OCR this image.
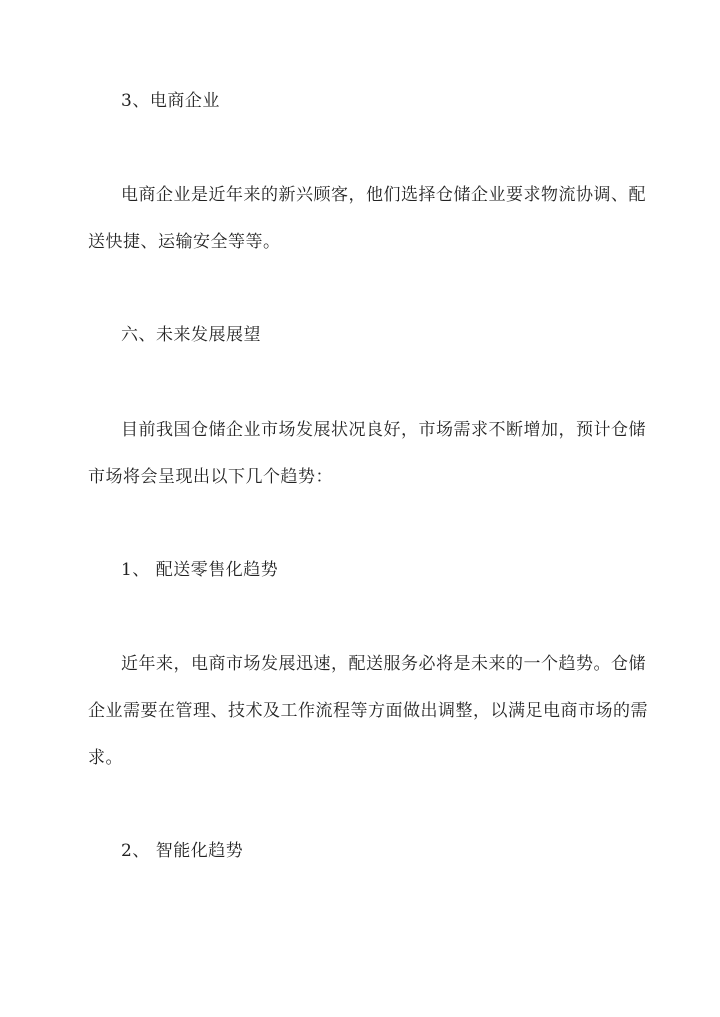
3、电商企业
电商企业是近年来的新兴顾客，他们选择仓储企业要求物流协调、配
送快捷、运输安全等等。
六、未来发展展望
目前我国仓储企业市场发展状况良好，市场需求不断增加，预计仓储
市场将会呈现出以下几个趋势：
1、 配送零售化趋势
近年来，电商市场发展迅速，配送服务必将是未来的一个趋势。仓储
企业需要在管理、技术及工作流程等方面做出调整，以满足电商市场的需
求。
2、 智能化趋势
